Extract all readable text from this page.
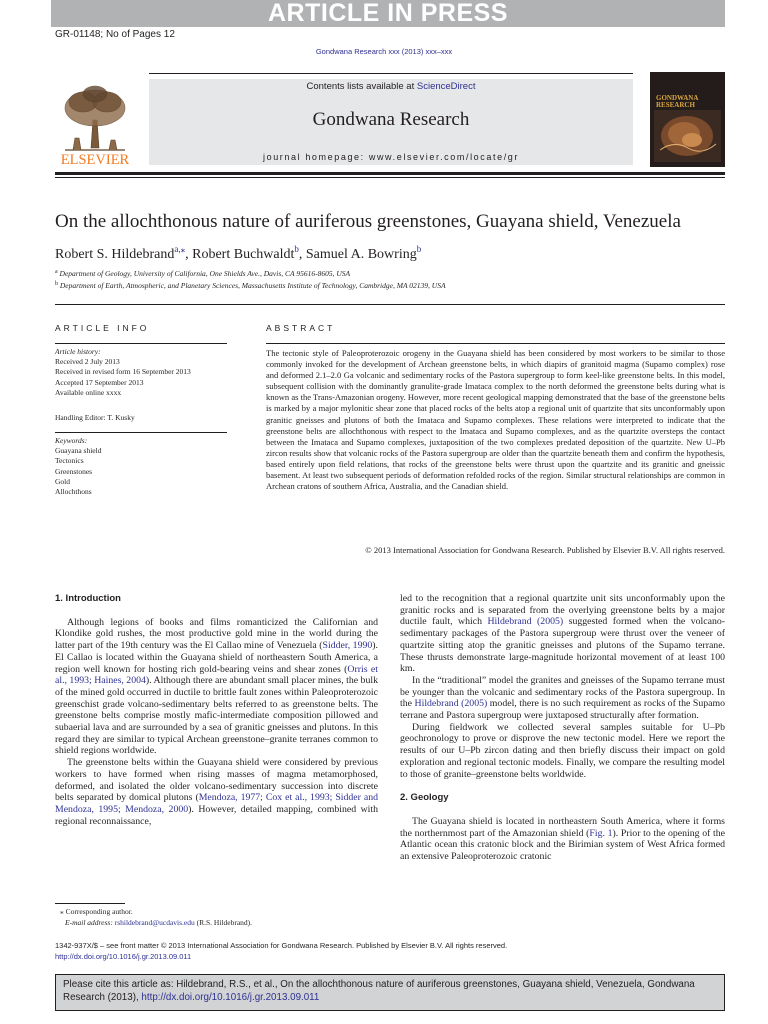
ARTICLE IN PRESS
GR-01148; No of Pages 12
Gondwana Research xxx (2013) xxx–xxx
ELSEVIER
Contents lists available at ScienceDirect
Gondwana Research
journal homepage: www.elsevier.com/locate/gr
GONDWANA
RESEARCH
On the allochthonous nature of auriferous greenstones, Guayana shield, Venezuela
Robert S. Hildebrand$^{a,⁎}$, Robert Buchwaldt$^b$, Samuel A. Bowring$^b$
$^a$ Department of Geology, University of California, One Shields Ave., Davis, CA 95616-8605, USA
$^b$ Department of Earth, Atmospheric, and Planetary Sciences, Massachusetts Institute of Technology, Cambridge, MA 02139, USA
ARTICLE INFO
Article history:
Received 2 July 2013
Received in revised form 16 September 2013
Accepted 17 September 2013
Available online xxxx
Handling Editor: T. Kusky
Keywords:
Guayana shield
Tectonics
Greenstones
Gold
Allochthons
ABSTRACT
The tectonic style of Paleoproterozoic orogeny in the Guayana shield has been considered by most workers to be similar to those commonly invoked for the development of Archean greenstone belts, in which diapirs of granitoid magma (Supamo complex) rose and deformed 2.1–2.0 Ga volcanic and sedimentary rocks of the Pastora supergroup to form keel-like greenstone belts. In this model, subsequent collision with the dominantly granulite-grade Imataca complex to the north deformed the greenstone belts during what is known as the Trans-Amazonian orogeny. However, more recent geological mapping demonstrated that the base of the greenstone belts is marked by a major mylonitic shear zone that placed rocks of the belts atop a regional unit of quartzite that sits unconformably upon granitic gneisses and plutons of both the Imataca and Supamo complexes. These relations were interpreted to indicate that the greenstone belts are allochthonous with respect to the Imataca and Supamo complexes, and as the quartzite oversteps the contact between the Imataca and Supamo complexes, juxtaposition of the two complexes predated deposition of the quartzite. New U–Pb zircon results show that volcanic rocks of the Pastora supergroup are older than the quartzite beneath them and confirm the hypothesis, based entirely upon field relations, that rocks of the greenstone belts were thrust upon the quartzite and its granitic and gneissic basement. At least two subsequent periods of deformation refolded rocks of the region. Similar structural relationships are common in Archean cratons of southern Africa, Australia, and the Canadian shield.
© 2013 International Association for Gondwana Research. Published by Elsevier B.V. All rights reserved.

1. Introduction

Although legions of books and films romanticized the Californian and Klondike gold rushes, the most productive gold mine in the world during the latter part of the 19th century was the El Callao mine of Venezuela (Sidder, 1990). El Callao is located within the Guayana shield of northeastern South America, a region well known for hosting rich gold-bearing veins and shear zones (Orris et al., 1993; Haines, 2004). Although there are abundant small placer mines, the bulk of the mined gold occurred in ductile to brittle fault zones within Paleoproterozoic greenschist grade volcano-sedimentary belts referred to as greenstone belts. The greenstone belts comprise mostly mafic-intermediate composition pillowed and subaerial lava and are surrounded by a sea of granitic gneisses and plutons. In this regard they are similar to typical Archean greenstone–granite terranes common to shield regions worldwide.

The greenstone belts within the Guayana shield were considered by previous workers to have formed when rising masses of magma metamorphosed, deformed, and isolated the older volcano-sedimentary succession into discrete belts separated by domical plutons (Mendoza, 1977; Cox et al., 1993; Sidder and Mendoza, 1995; Mendoza, 2000). However, detailed mapping, combined with regional reconnaissance,

led to the recognition that a regional quartzite unit sits unconformably upon the granitic rocks and is separated from the overlying greenstone belts by a major ductile fault, which Hildebrand (2005) suggested formed when the volcano-sedimentary packages of the Pastora supergroup were thrust over the veneer of quartzite sitting atop the granitic gneisses and plutons of the Supamo terrane. These thrusts demonstrate large-magnitude horizontal movement of at least 100 km.

In the “traditional” model the granites and gneisses of the Supamo terrane must be younger than the volcanic and sedimentary rocks of the Pastora supergroup. In the Hildebrand (2005) model, there is no such requirement as rocks of the Supamo terrane and Pastora supergroup were juxtaposed structurally after formation.

During fieldwork we collected several samples suitable for U–Pb geochronology to prove or disprove the new tectonic model. Here we report the results of our U–Pb zircon dating and then briefly discuss their impact on gold exploration and regional tectonic models. Finally, we compare the resulting model to those of granite–greenstone belts worldwide.

2. Geology

The Guayana shield is located in northeastern South America, where it forms the northernmost part of the Amazonian shield (Fig. 1). Prior to the opening of the Atlantic ocean this cratonic block and the Birimian system of West Africa formed an extensive Paleoproterozoic cratonic

⁎ Corresponding author.
E-mail address: rshildebrand@ucdavis.edu (R.S. Hildebrand).
1342-937X/$ – see front matter © 2013 International Association for Gondwana Research. Published by Elsevier B.V. All rights reserved.
http://dx.doi.org/10.1016/j.gr.2013.09.011
Please cite this article as: Hildebrand, R.S., et al., On the allochthonous nature of auriferous greenstones, Guayana shield, Venezuela, Gondwana Research (2013), http://dx.doi.org/10.1016/j.gr.2013.09.011
